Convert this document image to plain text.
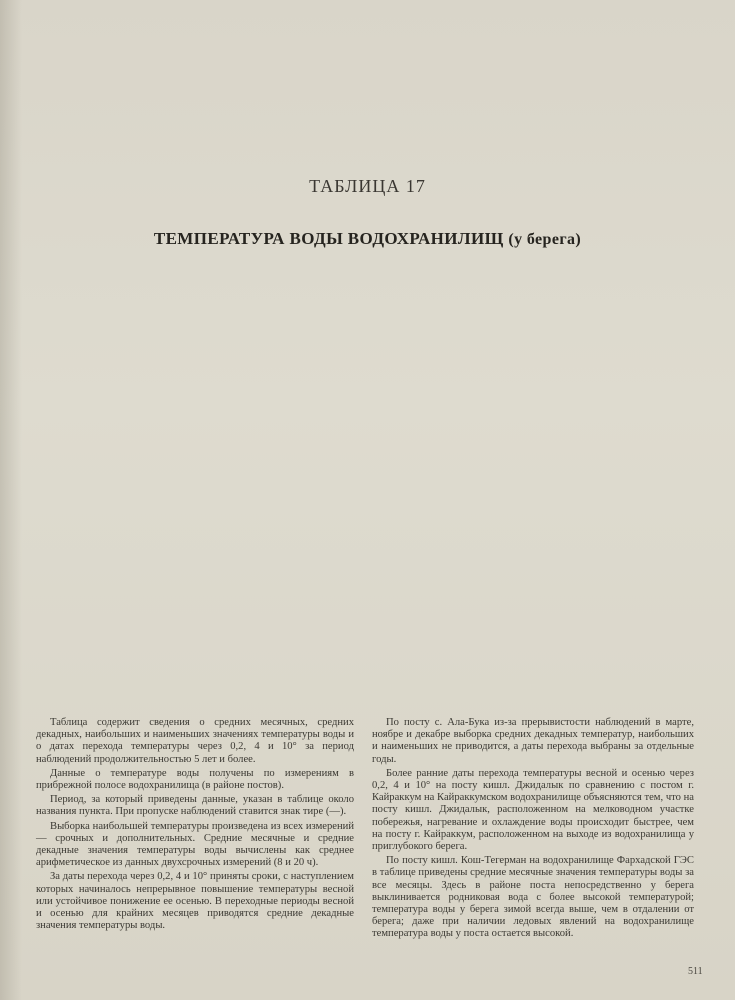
ТАБЛИЦА 17
ТЕМПЕРАТУРА ВОДЫ ВОДОХРАНИЛИЩ (у берега)

Таблица содержит сведения о средних месячных, средних декадных, наибольших и наименьших значениях температуры воды и о датах перехода температуры через 0,2, 4 и 10° за период наблюдений продолжительностью 5 лет и более.

Данные о температуре воды получены по измерениям в прибрежной полосе водохранилища (в районе постов).

Период, за который приведены данные, указан в таблице около названия пункта. При пропуске наблюдений ставится знак тире (—).

Выборка наибольшей температуры произведена из всех измерений — срочных и дополнительных. Средние месячные и средние декадные значения температуры воды вычислены как среднее арифметическое из данных двухсрочных измерений (8 и 20 ч).

За даты перехода через 0,2, 4 и 10° приняты сроки, с наступлением которых начиналось непрерывное повышение температуры весной или устойчивое понижение ее осенью. В переходные периоды весной и осенью для крайних месяцев приводятся средние декадные значения температуры воды.

По посту с. Ала-Бука из-за прерывистости наблюдений в марте, ноябре и декабре выборка средних декадных температур, наибольших и наименьших не приводится, а даты перехода выбраны за отдельные годы.

Более ранние даты перехода температуры весной и осенью через 0,2, 4 и 10° на посту кишл. Джидалык по сравнению с постом г. Кайраккум на Кайраккумском водохранилище объясняются тем, что на посту кишл. Джидалык, расположенном на мелководном участке побережья, нагревание и охлаждение воды происходит быстрее, чем на посту г. Кайраккум, расположенном на выходе из водохранилища у приглубокого берега.

По посту кишл. Кош-Тегерман на водохранилище Фархадской ГЭС в таблице приведены средние месячные значения температуры воды за все месяцы. Здесь в районе поста непосредственно у берега выклинивается родниковая вода с более высокой температурой; температура воды у берега зимой всегда выше, чем в отдалении от берега; даже при наличии ледовых явлений на водохранилище температура воды у поста остается высокой.

511
